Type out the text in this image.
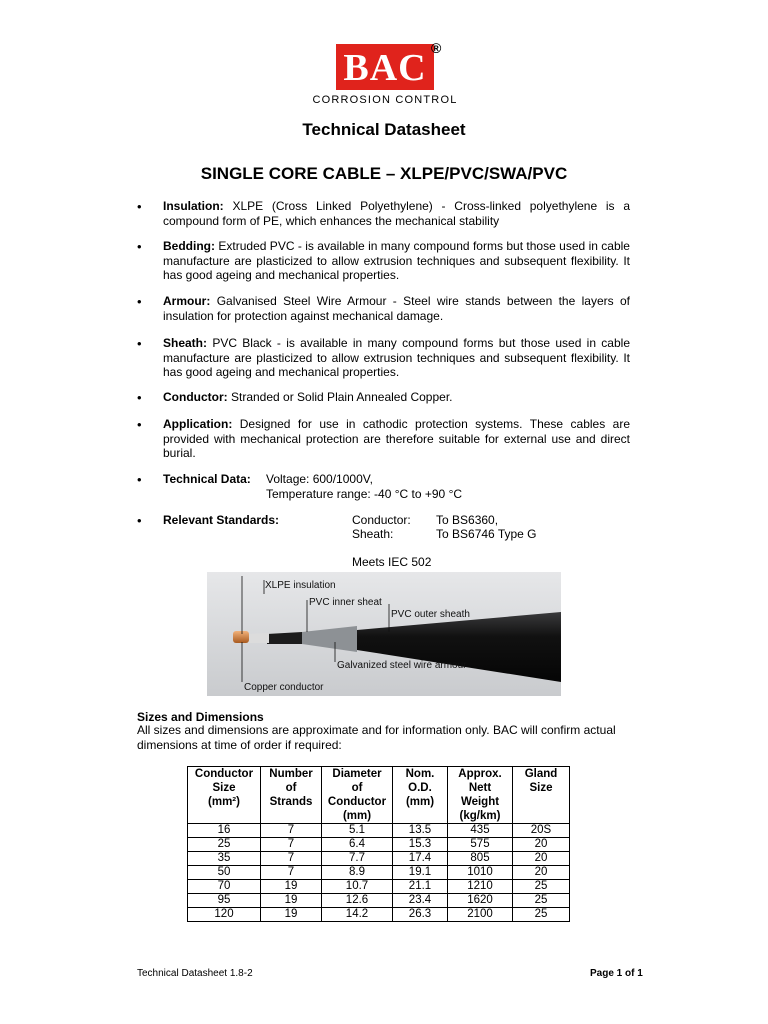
BAC ®
CORROSION CONTROL
Technical Datasheet
SINGLE CORE CABLE – XLPE/PVC/SWA/PVC
• Insulation: XLPE (Cross Linked Polyethylene) - Cross-linked polyethylene is a compound form of PE, which enhances the mechanical stability
• Bedding: Extruded PVC - is available in many compound forms but those used in cable manufacture are plasticized to allow extrusion techniques and subsequent flexibility. It has good ageing and mechanical properties.
• Armour: Galvanised Steel Wire Armour - Steel wire stands between the layers of insulation for protection against mechanical damage.
• Sheath: PVC Black - is available in many compound forms but those used in cable manufacture are plasticized to allow extrusion techniques and subsequent flexibility. It has good ageing and mechanical properties.
• Conductor: Stranded or Solid Plain Annealed Copper.
• Application: Designed for use in cathodic protection systems. These cables are provided with mechanical protection are therefore suitable for external use and direct burial.
• Technical Data: Voltage: 600/1000V,
Temperature range: -40 °C to +90 °C
• Relevant Standards:	Conductor: To BS6360,
Sheath:	To BS6746 Type G
Meets IEC 502
XLPE insulation
PVC inner sheat
PVC outer sheath
Galvanized steel wire armour
Copper conductor
Sizes and Dimensions
All sizes and dimensions are approximate and for information only. BAC will confirm actual dimensions at time of order if required:
Conductor
Size
(mm²)	Number
of
Strands	Diameter
of
Conductor
(mm)	Nom.
O.D.
(mm)	Approx.
Nett
Weight
(kg/km)	Gland
Size
16	7	5.1	13.5	435	20S
25	7	6.4	15.3	575	20
35	7	7.7	17.4	805	20
50	7	8.9	19.1	1010	20
70	19	10.7	21.1	1210	25
95	19	12.6	23.4	1620	25
120	19	14.2	26.3	2100	25
Technical Datasheet 1.8-2	Page 1 of 1
